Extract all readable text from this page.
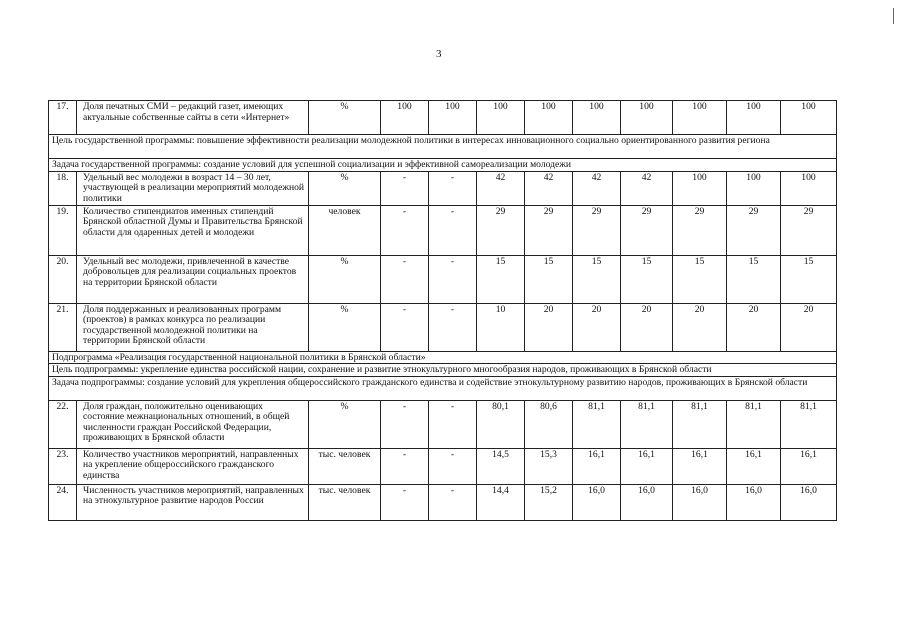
3
17.	Доля печатных СМИ – редакций газет, имеющих актуальные собственные сайты в сети «Интернет»	%	100	100	100	100	100	100	100	100	100
Цель государственной программы: повышение эффективности реализации молодежной политики в интересах инновационного социально ориентированного развития региона											
Задача государственной программы: создание условий для успешной социализации и эффективной самореализации молодежи											
18.	Удельный вес молодежи в возраст 14 – 30 лет, участвующей в реализации мероприятий молодежной политики	%	-	-	42	42	42	42	100	100	100
19.	Количество стипендиатов именных стипендий Брянской областной Думы и Правительства Брянской области для одаренных детей и молодежи	человек	-	-	29	29	29	29	29	29	29
20.	Удельный вес молодежи, привлеченной в качестве добровольцев для реализации социальных проектов на территории Брянской области	%	-	-	15	15	15	15	15	15	15
21.	Доля поддержанных и реализованных программ (проектов) в рамках конкурса по реализации государственной молодежной политики на территории Брянской области	%	-	-	10	20	20	20	20	20	20
Подпрограмма «Реализация государственной национальной политики в Брянской области»											
Цель подпрограммы: укрепление единства российской нации, сохранение и развитие этнокультурного многообразия народов, проживающих в Брянской области											
Задача подпрограммы: создание условий для укрепления общероссийского гражданского единства и содействие этнокультурному развитию народов, проживающих в Брянской области											
22.	Доля граждан, положительно оценивающих состояние межнациональных отношений, в общей численности граждан Российской Федерации, проживающих в Брянской области	%	-	-	80,1	80,6	81,1	81,1	81,1	81,1	81,1
23.	Количество участников мероприятий, направленных на укрепление общероссийского гражданского единства	тыс. человек	-	-	14,5	15,3	16,1	16,1	16,1	16,1	16,1
24.	Численность участников мероприятий, направленных на этнокультурное развитие народов России	тыс. человек	-	-	14,4	15,2	16,0	16,0	16,0	16,0	16,0
